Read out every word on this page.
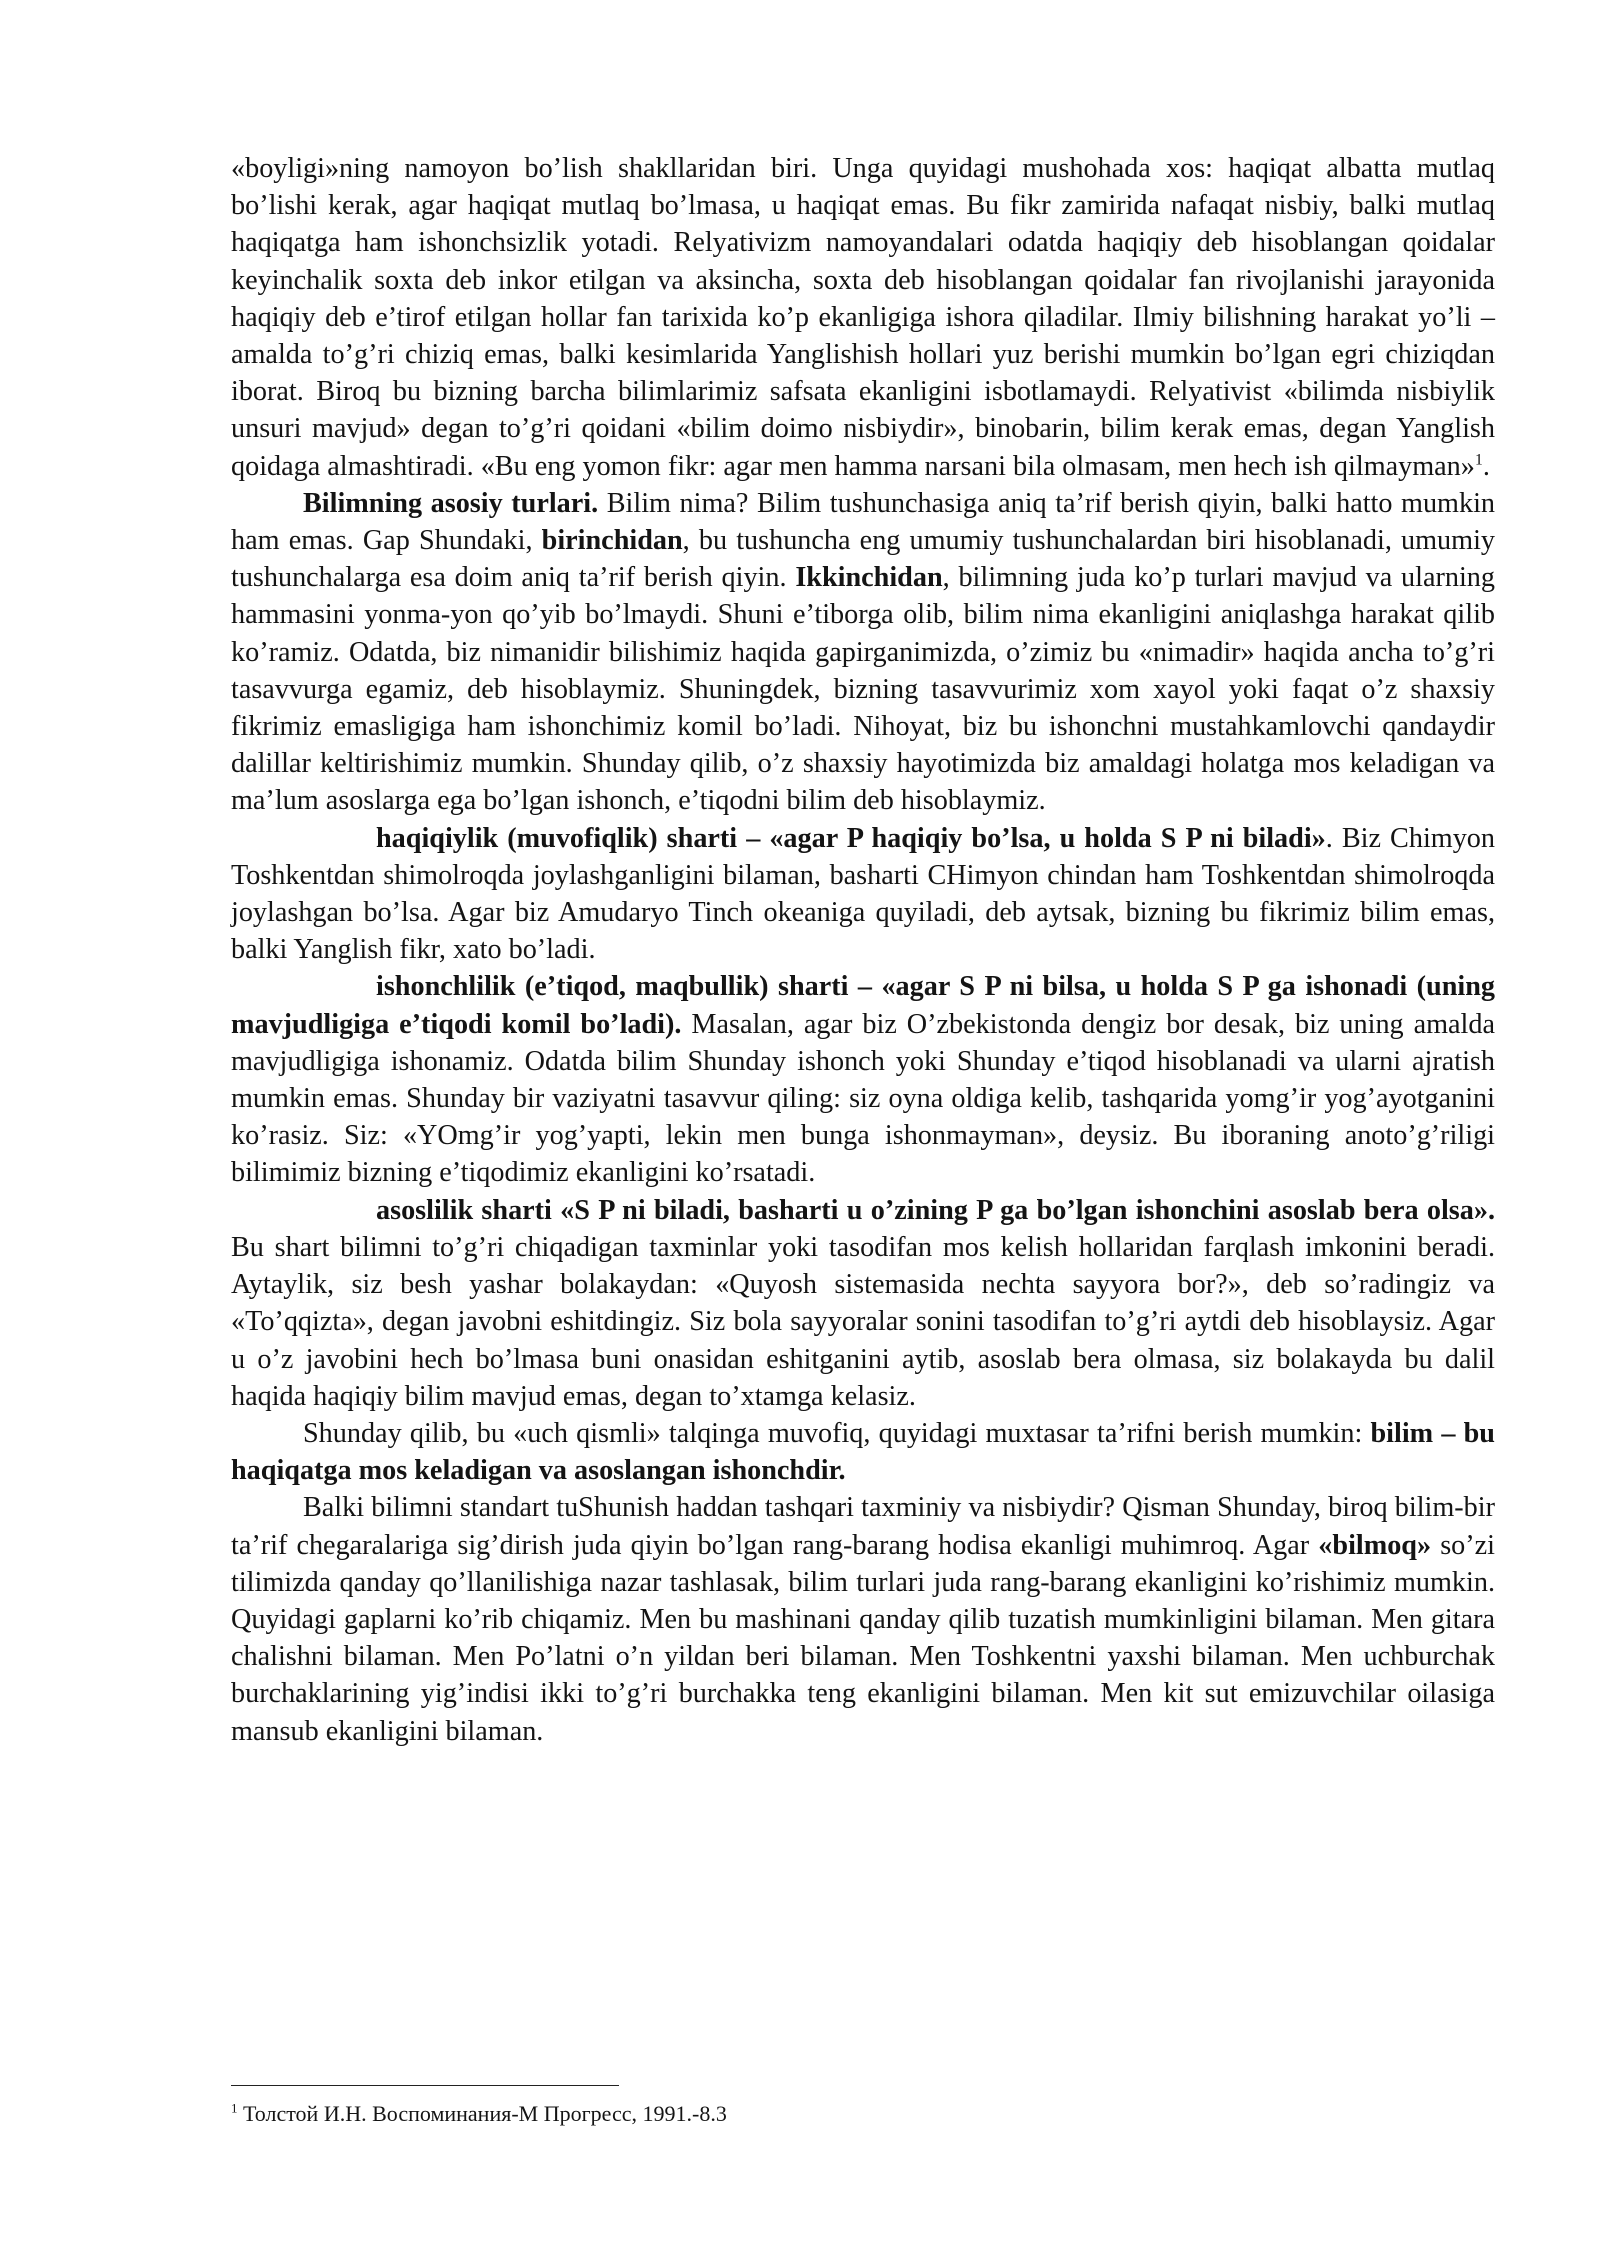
«boyligi»ning namoyon bo’lish shakllaridan biri. Unga quyidagi mushohada xos: haqiqat albatta mutlaq bo’lishi kerak, agar haqiqat mutlaq bo’lmasa, u haqiqat emas. Bu fikr zamirida nafaqat nisbiy, balki mutlaq haqiqatga ham ishonchsizlik yotadi. Relyativizm namoyandalari odatda haqiqiy deb hisoblangan qoidalar keyinchalik soxta deb inkor etilgan va aksincha, soxta deb hisoblangan qoidalar fan rivojlanishi jarayonida haqiqiy deb e’tirof etilgan hollar fan tarixida ko’p ekanligiga ishora qiladilar. Ilmiy bilishning harakat yo’li – amalda to’g’ri chiziq emas, balki kesimlarida Yanglishish hollari yuz berishi mumkin bo’lgan egri chiziqdan iborat. Biroq bu bizning barcha bilimlarimiz safsata ekanligini isbotlamaydi. Relyativist «bilimda nisbiylik unsuri mavjud» degan to’g’ri qoidani «bilim doimo nisbiydir», binobarin, bilim kerak emas, degan Yanglish qoidaga almashtiradi. «Bu eng yomon fikr: agar men hamma narsani bila olmasam, men hech ish qilmayman»$^1$.

Bilimning asosiy turlari. Bilim nima? Bilim tushunchasiga aniq ta’rif berish qiyin, balki hatto mumkin ham emas. Gap Shundaki, birinchidan, bu tushuncha eng umumiy tushunchalardan biri hisoblanadi, umumiy tushunchalarga esa doim aniq ta’rif berish qiyin. Ikkinchidan, bilimning juda ko’p turlari mavjud va ularning hammasini yonma-yon qo’yib bo’lmaydi. Shuni e’tiborga olib, bilim nima ekanligini aniqlashga harakat qilib ko’ramiz. Odatda, biz nimanidir bilishimiz haqida gapirganimizda, o’zimiz bu «nimadir» haqida ancha to’g’ri tasavvurga egamiz, deb hisoblaymiz. Shuningdek, bizning tasavvurimiz xom xayol yoki faqat o’z shaxsiy fikrimiz emasligiga ham ishonchimiz komil bo’ladi. Nihoyat, biz bu ishonchni mustahkamlovchi qandaydir dalillar keltirishimiz mumkin. Shunday qilib, o’z shaxsiy hayotimizda biz amaldagi holatga mos keladigan va ma’lum asoslarga ega bo’lgan ishonch, e’tiqodni bilim deb hisoblaymiz.

haqiqiylik (muvofiqlik) sharti – «agar P haqiqiy bo’lsa, u holda S P ni biladi». Biz Chimyon Toshkentdan shimolroqda joylashganligini bilaman, basharti CHimyon chindan ham Toshkentdan shimolroqda joylashgan bo’lsa. Agar biz Amudaryo Tinch okeaniga quyiladi, deb aytsak, bizning bu fikrimiz bilim emas, balki Yanglish fikr, xato bo’ladi.

ishonchlilik (e’tiqod, maqbullik) sharti – «agar S P ni bilsa, u holda S P ga ishonadi (uning mavjudligiga e’tiqodi komil bo’ladi). Masalan, agar biz O’zbekistonda dengiz bor desak, biz uning amalda mavjudligiga ishonamiz. Odatda bilim Shunday ishonch yoki Shunday e’tiqod hisoblanadi va ularni ajratish mumkin emas. Shunday bir vaziyatni tasavvur qiling: siz oyna oldiga kelib, tashqarida yomg’ir yog’ayotganini ko’rasiz. Siz: «YOmg’ir yog’yapti, lekin men bunga ishonmayman», deysiz. Bu iboraning anoto’g’riligi bilimimiz bizning e’tiqodimiz ekanligini ko’rsatadi.

asoslilik sharti «S P ni biladi, basharti u o’zining P ga bo’lgan ishonchini asoslab bera olsa». Bu shart bilimni to’g’ri chiqadigan taxminlar yoki tasodifan mos kelish hollaridan farqlash imkonini beradi. Aytaylik, siz besh yashar bolakaydan: «Quyosh sistemasida nechta sayyora bor?», deb so’radingiz va «To’qqizta», degan javobni eshitdingiz. Siz bola sayyoralar sonini tasodifan to’g’ri aytdi deb hisoblaysiz. Agar u o’z javobini hech bo’lmasa buni onasidan eshitganini aytib, asoslab bera olmasa, siz bolakayda bu dalil haqida haqiqiy bilim mavjud emas, degan to’xtamga kelasiz.

Shunday qilib, bu «uch qismli» talqinga muvofiq, quyidagi muxtasar ta’rifni berish mumkin: bilim – bu haqiqatga mos keladigan va asoslangan ishonchdir.

Balki bilimni standart tuShunish haddan tashqari taxminiy va nisbiydir? Qisman Shunday, biroq bilim-bir ta’rif chegaralariga sig’dirish juda qiyin bo’lgan rang-barang hodisa ekanligi muhimroq. Agar «bilmoq» so’zi tilimizda qanday qo’llanilishiga nazar tashlasak, bilim turlari juda rang-barang ekanligini ko’rishimiz mumkin. Quyidagi gaplarni ko’rib chiqamiz. Men bu mashinani qanday qilib tuzatish mumkinligini bilaman. Men gitara chalishni bilaman. Men Po’latni o’n yildan beri bilaman. Men Toshkentni yaxshi bilaman. Men uchburchak burchaklarining yig’indisi ikki to’g’ri burchakka teng ekanligini bilaman. Men kit sut emizuvchilar oilasiga mansub ekanligini bilaman.

$^1$ Толстой И.Н. Воспоминания-М Прогресс, 1991.-8.3
